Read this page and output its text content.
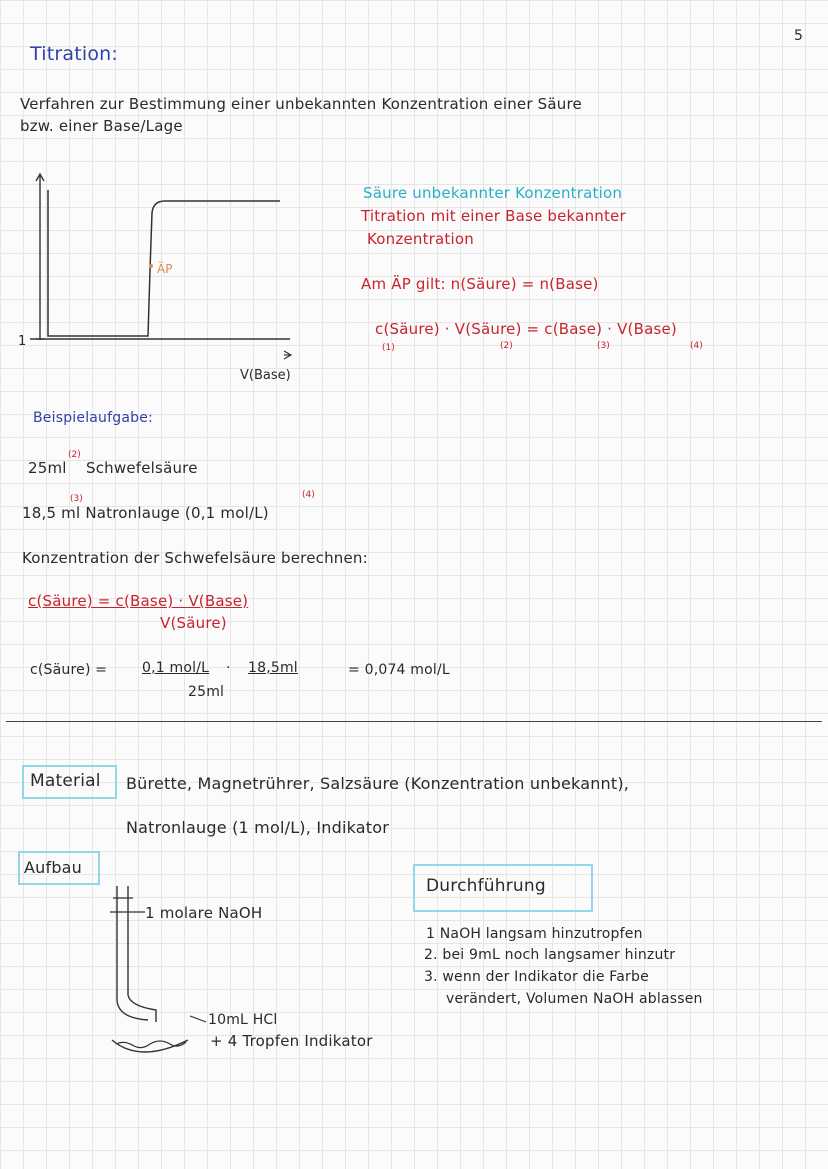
5
Titration:
Verfahren zur Bestimmung einer unbekannten Konzentration einer Säure
bzw. einer Base/Lage
1
V(Base)
ÄP
Säure unbekannter Konzentration
Titration mit einer Base bekannter
Konzentration
Am ÄP gilt: n(Säure) = n(Base)
c(Säure) · V(Säure) = c(Base) · V(Base)
(1)	(2)	(3)	(4)
Beispielaufgabe:
25ml
(2)
Schwefelsäure
(3)
18,5 ml Natronlauge (0,1 mol/L)
(4)
Konzentration der Schwefelsäure berechnen:
c(Säure) = c(Base) · V(Base)
V(Säure)
c(Säure) = 0,1 mol/L · 18,5ml
25ml
= 0,074 mol/L
Material Bürette, Magnetrührer, Salzsäure (Konzentration unbekannt),
Natronlauge (1 mol/L), Indikator
Aufbau
1 molare NaOH
10mL HCl
+ 4 Tropfen Indikator
Durchführung
1 NaOH langsam hinzutropfen
2. bei 9mL noch langsamer hinzutr
3. wenn der Indikator die Farbe
verändert, Volumen NaOH ablassen
